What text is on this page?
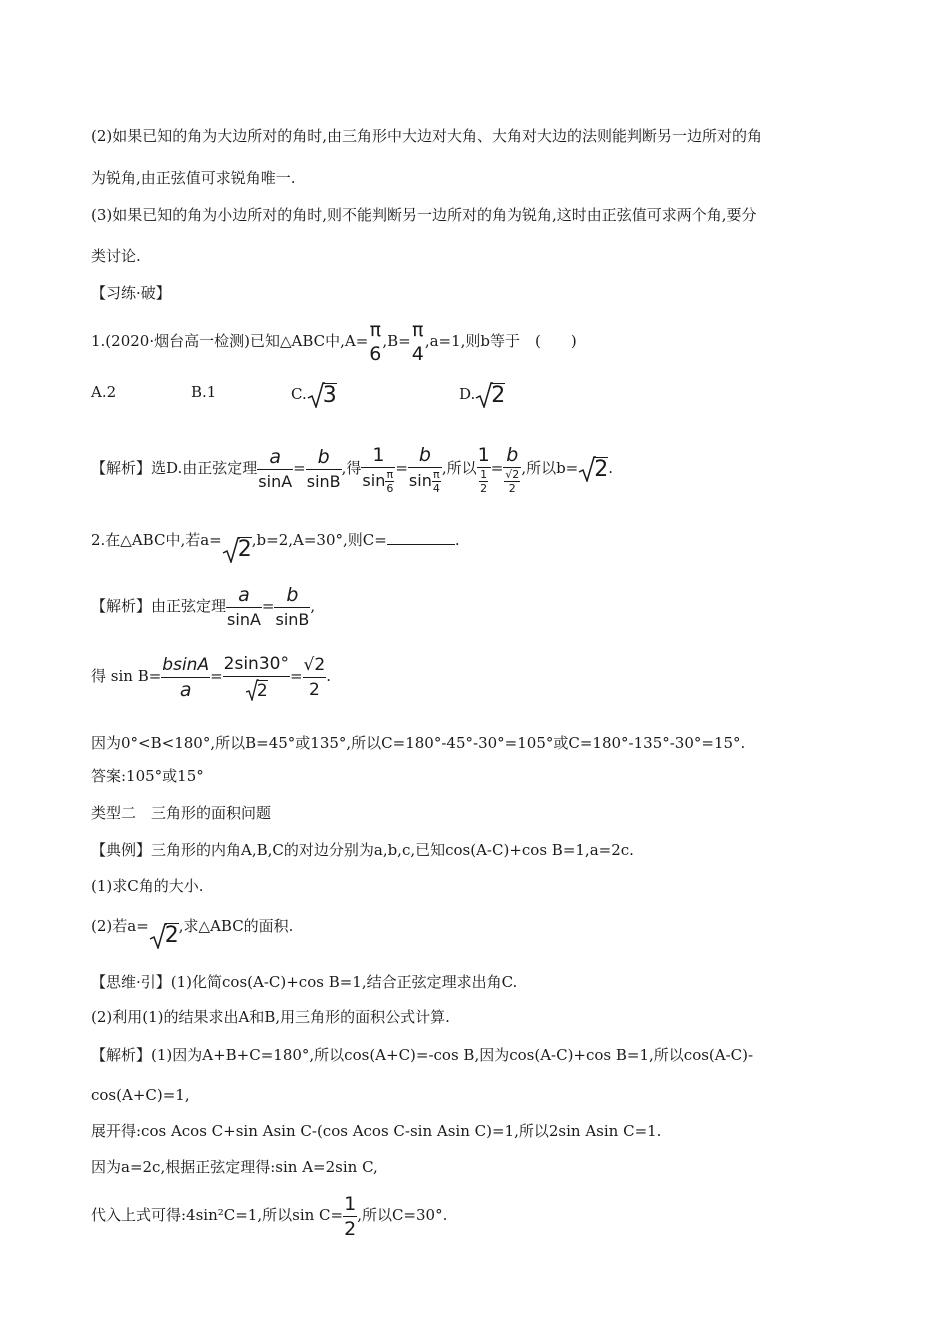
(2)如果已知的角为大边所对的角时,由三角形中大边对大角、大角对大边的法则能判断另一边所对的角
为锐角,由正弦值可求锐角唯一.
(3)如果已知的角为小边所对的角时,则不能判断另一边所对的角为锐角,这时由正弦值可求两个角,要分
类讨论.
【习练·破】
1.(2020·烟台高一检测)已知△ABC中,A= π
6
,B= π
4
,a=1,则b等于　(　　)
A.2	B.1	C. 3	D. 2
【解析】选D.由正弦定理 $\frac{a}{\sin A} = \frac{b}{\sin B}$ ,得 $\frac{1}{\sin \frac{\pi}{6}} = \frac{b}{\sin \frac{\pi}{4}}$ ,所以 $\frac{1}{\frac{1}{2}} = \frac{b}{\frac{√2}{2}}$ ,所以b= 2.
2.在△ABC中,若a= 2,b=2,A=30°,则C=	.
【解析】由正弦定理 $\frac{a}{\sin A} = \frac{b}{\sin B}$ ,
得 $\sin B= \frac{bsinA}{a} = \frac{2\sin 30^\circ}{2} = \frac{√2}{2}$ .
因为0°<B<180°,所以B=45°或135°,所以C=180°-45°-30°=105°或C=180°-135°-30°=15°.
答案:105°或15°
类型二　三角形的面积问题
【典例】三角形的内角A,B,C的对边分别为a,b,c,已知cos(A-C)+cos B=1,a=2c.
(1)求C角的大小.
(2)若a= 2,求△ABC的面积.
【思维·引】(1)化简cos(A-C)+cos B=1,结合正弦定理求出角C.
(2)利用(1)的结果求出A和B,用三角形的面积公式计算.
【解析】(1)因为A+B+C=180°,所以cos(A+C)=-cos B,因为cos(A-C)+cos B=1,所以cos(A-C)-
cos(A+C)=1,
展开得:cos Acos C+sin Asin C-(cos Acos C-sin Asin C)=1,所以2sin Asin C=1.
因为a=2c,根据正弦定理得:sin A=2sin C,
代入上式可得:4sin²C=1,所以$\sin C= \frac{1}{2}$ ,所以C=30°.
